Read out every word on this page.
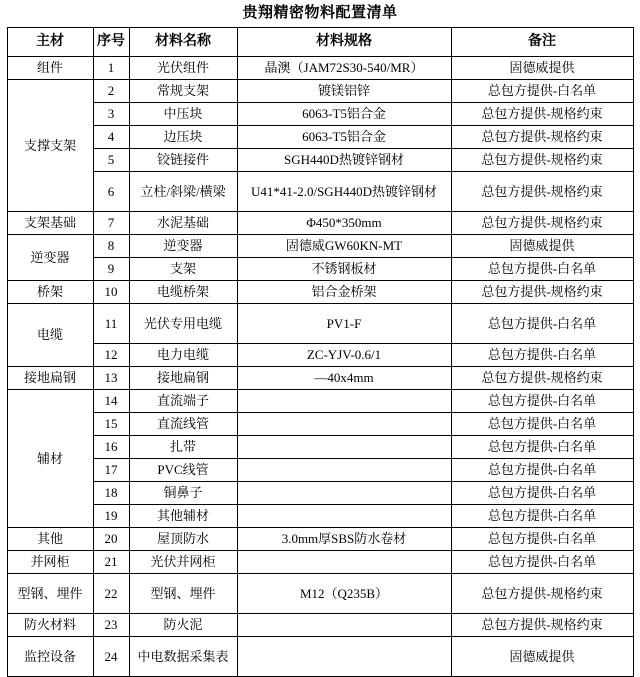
贵翔精密物料配置清单
主材	序号	材料名称	材料规格	备注
组件	1	光伏组件	晶澳（JAM72S30-540/MR）	固德威提供
支撑支架	2	常规支架	镀镁铝锌	总包方提供-白名单
	3	中压块	6063-T5铝合金	总包方提供-规格约束
	4	边压块	6063-T5铝合金	总包方提供-规格约束
	5	铰链接件	SGH440D热镀锌钢材	总包方提供-规格约束
	6	立柱/斜梁/横梁	U41*41-2.0/SGH440D热镀锌钢材	总包方提供-规格约束
支架基础	7	水泥基础	Φ450*350mm	总包方提供-规格约束
逆变器	8	逆变器	固德威GW60KN-MT	固德威提供
	9	支架	不锈钢板材	总包方提供-白名单
桥架	10	电缆桥架	铝合金桥架	总包方提供-规格约束
电缆	11	光伏专用电缆	PV1-F	总包方提供-白名单
	12	电力电缆	ZC-YJV-0.6/1	总包方提供-白名单
接地扁钢	13	接地扁钢	—40x4mm	总包方提供-规格约束
辅材	14	直流端子		总包方提供-白名单
	15	直流线管		总包方提供-白名单
	16	扎带		总包方提供-白名单
	17	PVC线管		总包方提供-白名单
	18	铜鼻子		总包方提供-白名单
	19	其他辅材		总包方提供-白名单
其他	20	屋顶防水	3.0mm厚SBS防水卷材	总包方提供-白名单
并网柜	21	光伏并网柜		总包方提供-白名单
型钢、埋件	22	型钢、埋件	M12（Q235B）	总包方提供-规格约束
防火材料	23	防火泥		总包方提供-规格约束
监控设备	24	中电数据采集表		固德威提供
